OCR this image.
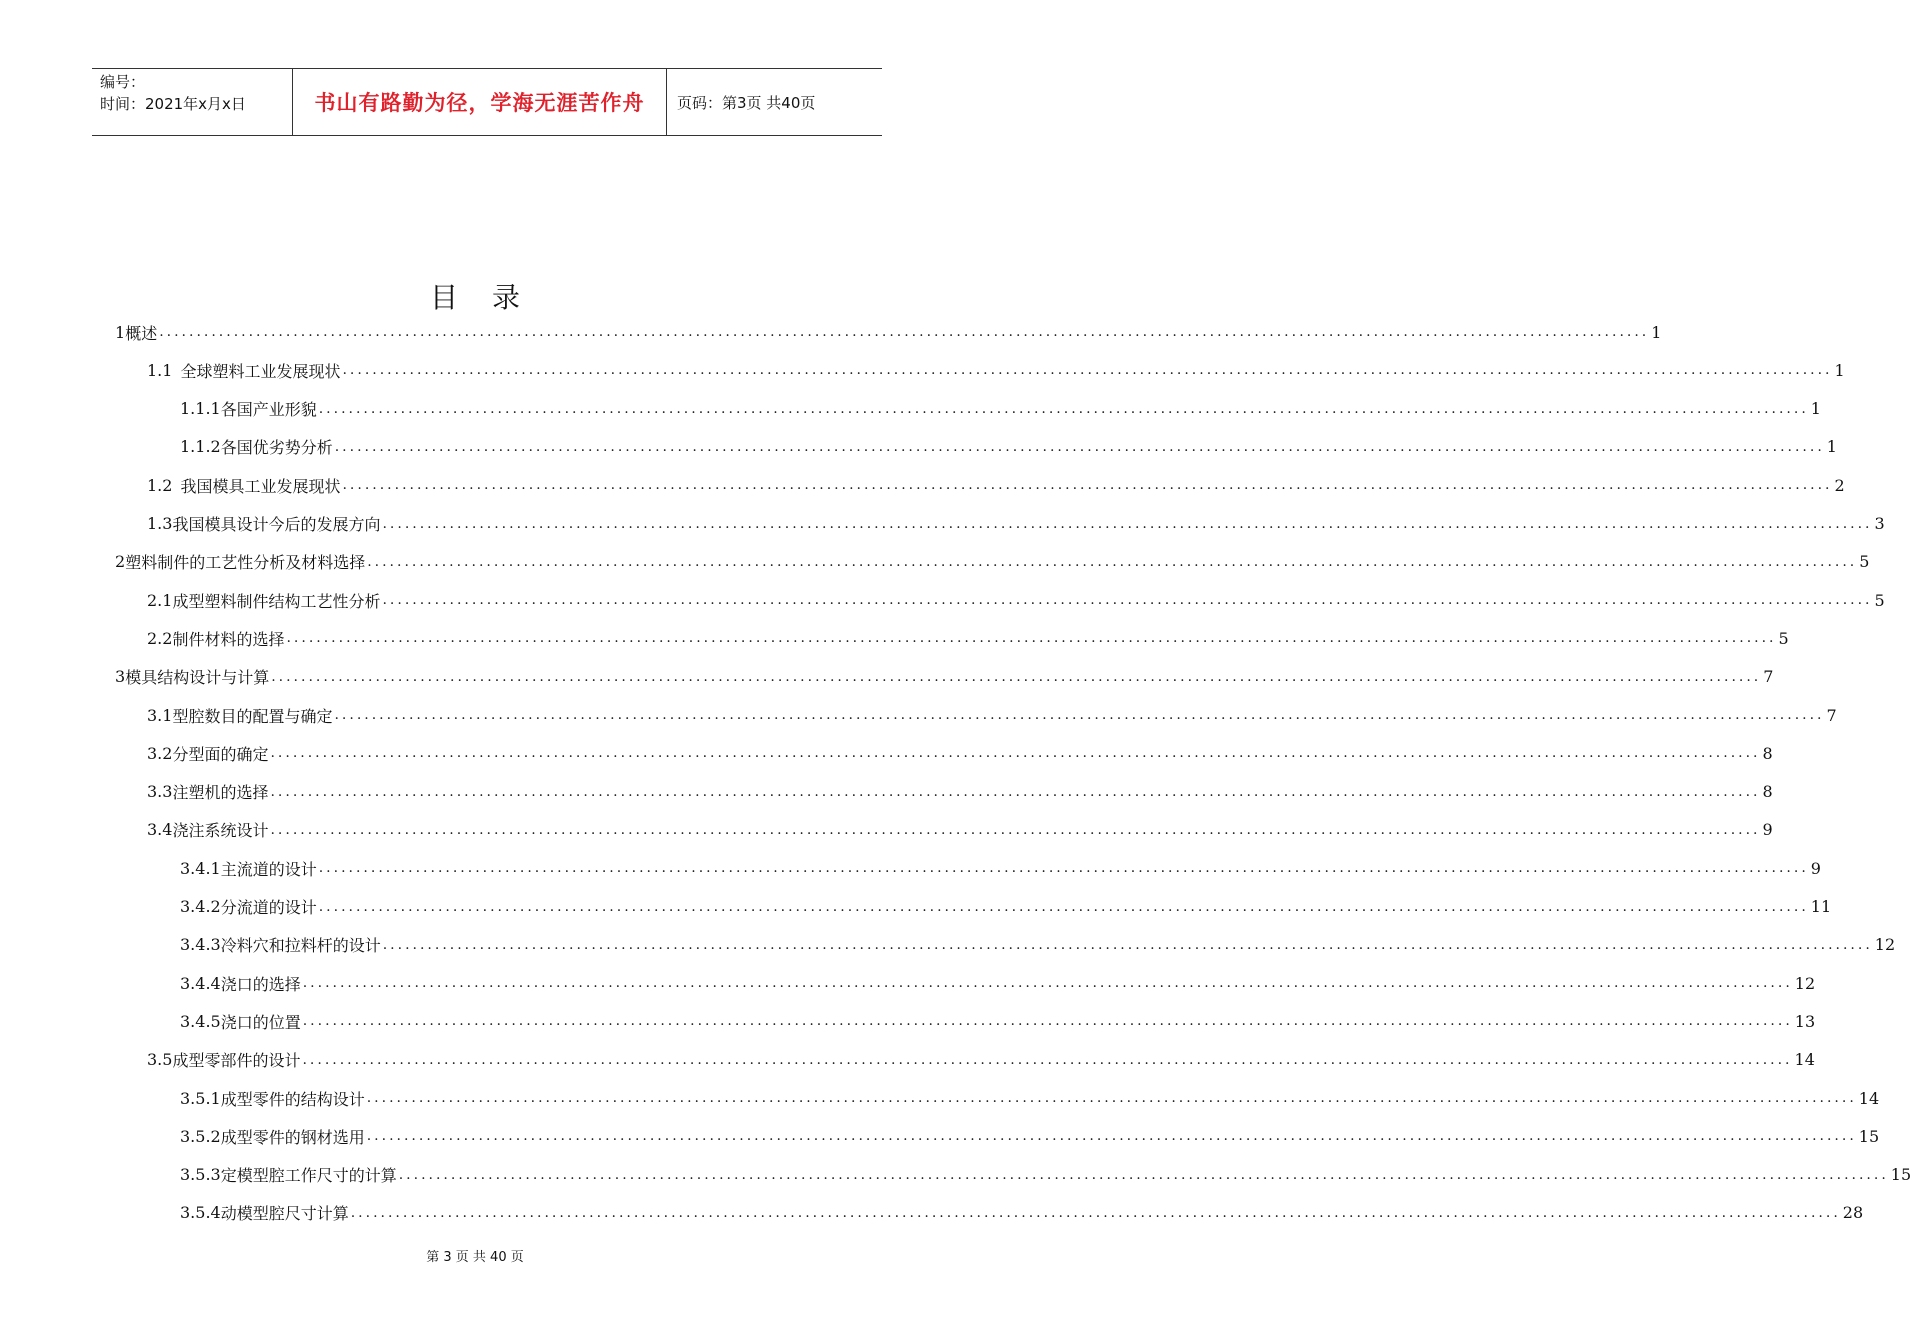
编号：
时间：2021年x月x日	书山有路勤为径，学海无涯苦作舟	页码：第3页 共40页
目录
1 概述 ........................................................................................................................................................................................................ 1
1.1 全球塑料工业发展现状 ........................................................................................................................................................................................................ 1
1.1.1 各国产业形貌 ........................................................................................................................................................................................................ 1
1.1.2 各国优劣势分析 ........................................................................................................................................................................................................ 1
1.2 我国模具工业发展现状 ........................................................................................................................................................................................................ 2
1.3 我国模具设计今后的发展方向 ........................................................................................................................................................................................................ 3
2 塑料制件的工艺性分析及材料选择 ........................................................................................................................................................................................................ 5
2.1 成型塑料制件结构工艺性分析 ........................................................................................................................................................................................................ 5
2.2 制件材料的选择 ........................................................................................................................................................................................................ 5
3 模具结构设计与计算 ........................................................................................................................................................................................................ 7
3.1 型腔数目的配置与确定 ........................................................................................................................................................................................................ 7
3.2 分型面的确定 ........................................................................................................................................................................................................ 8
3.3 注塑机的选择 ........................................................................................................................................................................................................ 8
3.4 浇注系统设计 ........................................................................................................................................................................................................ 9
3.4.1 主流道的设计 ........................................................................................................................................................................................................ 9
3.4.2 分流道的设计 ........................................................................................................................................................................................................ 11
3.4.3 冷料穴和拉料杆的设计 ........................................................................................................................................................................................................ 12
3.4.4 浇口的选择 ........................................................................................................................................................................................................ 12
3.4.5 浇口的位置 ........................................................................................................................................................................................................ 13
3.5 成型零部件的设计 ........................................................................................................................................................................................................ 14
3.5.1 成型零件的结构设计 ........................................................................................................................................................................................................ 14
3.5.2 成型零件的钢材选用 ........................................................................................................................................................................................................ 15
3.5.3 定模型腔工作尺寸的计算 ........................................................................................................................................................................................................ 15
3.5.4 动模型腔尺寸计算 ........................................................................................................................................................................................................ 28
第 3 页 共 40 页
